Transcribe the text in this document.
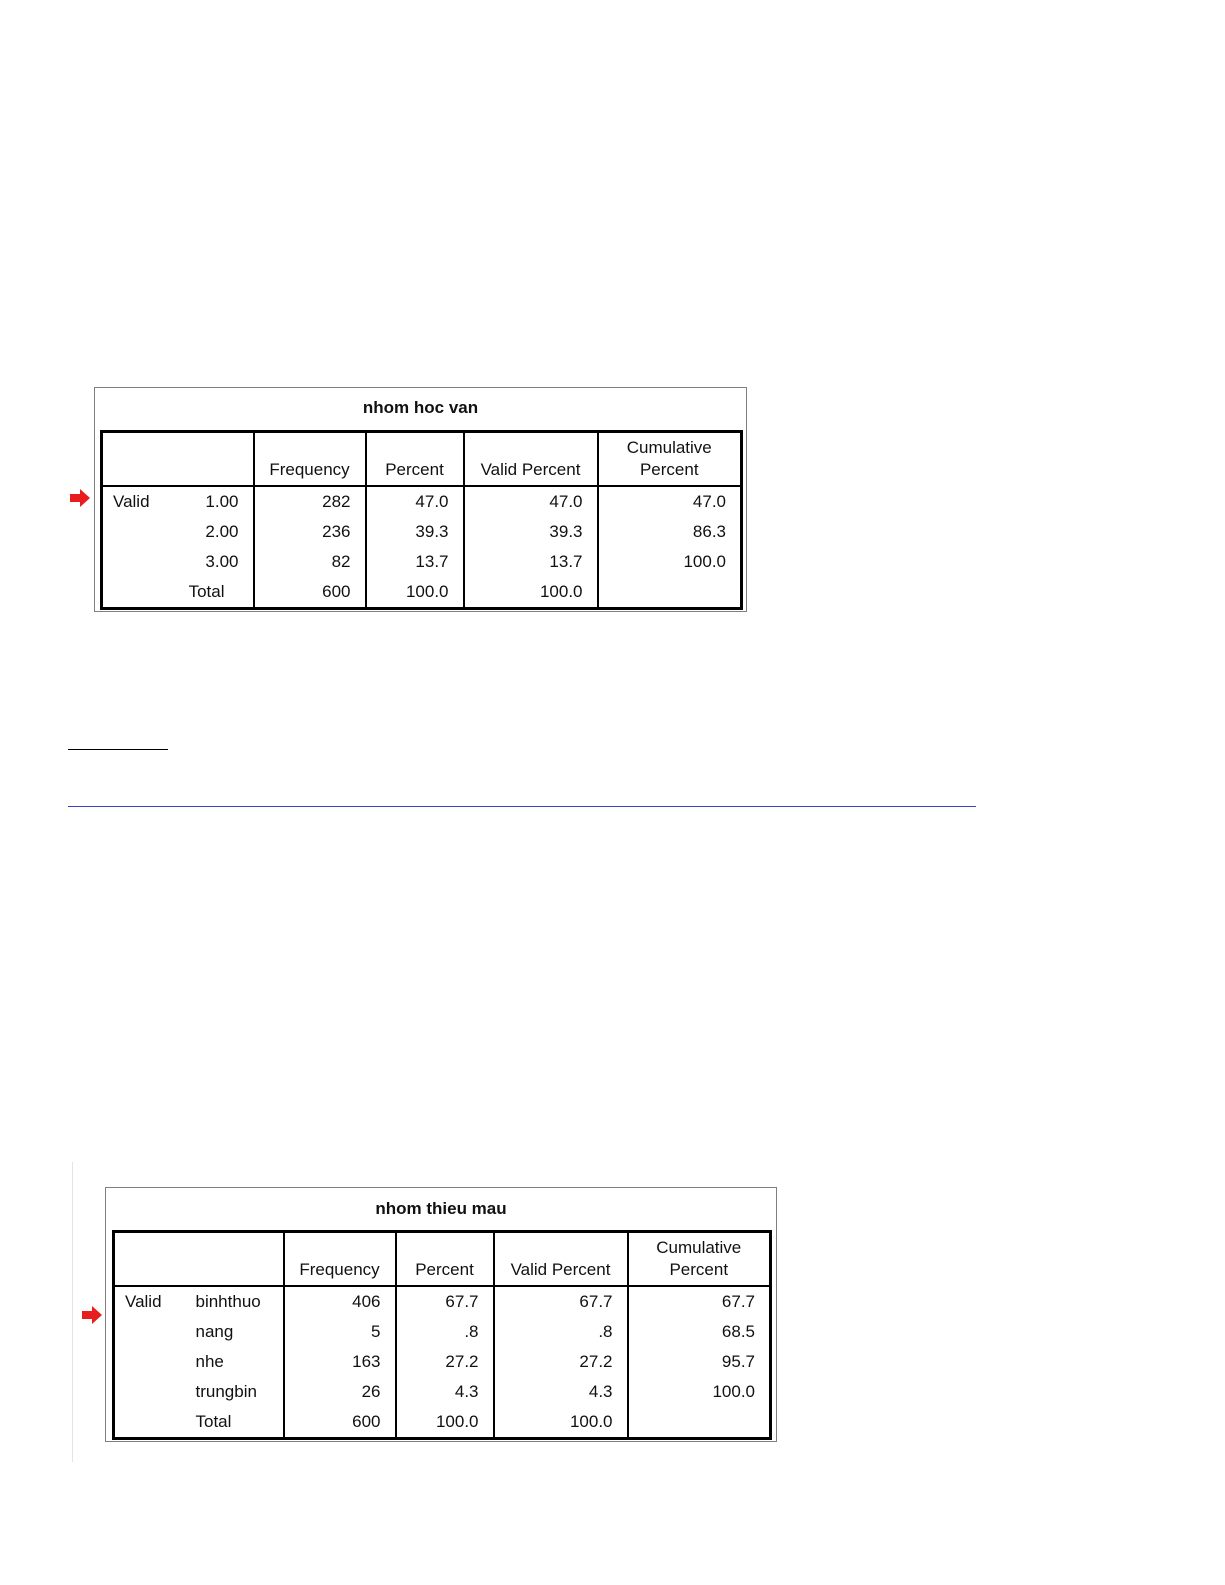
nhom hoc van
		Frequency	Percent	Valid Percent	Cumulative Percent
Valid	1.00	282	47.0	47.0	47.0
	2.00	236	39.3	39.3	86.3
	3.00	82	13.7	13.7	100.0
	Total	600	100.0	100.0	
nhom thieu mau
		Frequency	Percent	Valid Percent	Cumulative Percent
Valid	binhthuo	406	67.7	67.7	67.7
	nang	5	.8	.8	68.5
	nhe	163	27.2	27.2	95.7
	trungbin	26	4.3	4.3	100.0
	Total	600	100.0	100.0	
